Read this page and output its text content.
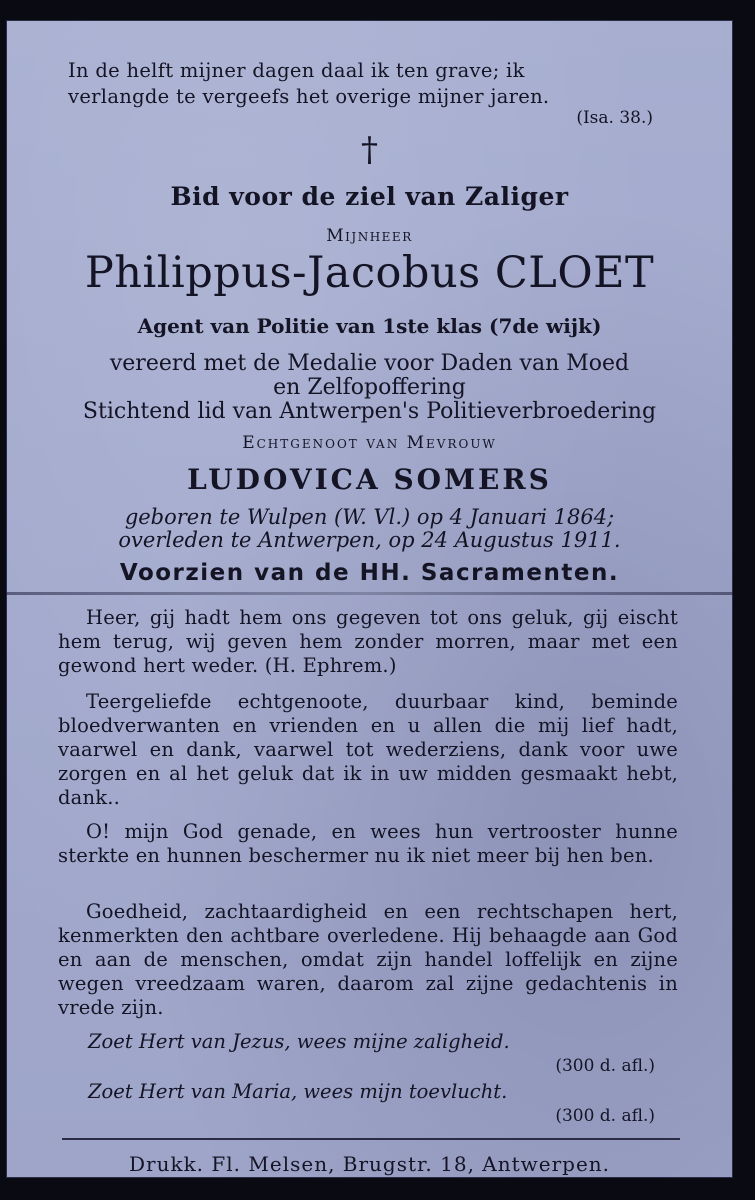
In de helft mijner dagen daal ik ten grave; ik
verlangde te vergeefs het overige mijner jaren.
(Isa. 38.)
†
Bid voor de ziel van Zaliger
Mijnheer
Philippus-Jacobus CLOET
Agent van Politie van 1ste klas (7de wijk)
vereerd met de Medalie voor Daden van Moed
en Zelfopoffering
Stichtend lid van Antwerpen's Politieverbroedering
Echtgenoot van Mevrouw
LUDOVICA SOMERS
geboren te Wulpen (W. Vl.) op 4 Januari 1864;
overleden te Antwerpen, op 24 Augustus 1911.
Voorzien van de HH. Sacramenten.
Heer, gij hadt hem ons gegeven tot ons geluk, gij eischt hem terug, wij geven hem zonder morren, maar met een gewond hert weder. (H. Ephrem.)
Teergeliefde echtgenoote, duurbaar kind, beminde bloedverwanten en vrienden en u allen die mij lief hadt, vaarwel en dank, vaarwel tot wederziens, dank voor uwe zorgen en al het geluk dat ik in uw midden gesmaakt hebt, dank..
O! mijn God genade, en wees hun vertrooster hunne sterkte en hunnen beschermer nu ik niet meer bij hen ben.
Goedheid, zachtaardigheid en een rechtschapen hert, kenmerkten den achtbare overledene. Hij behaagde aan God en aan de menschen, omdat zijn handel loffelijk en zijne wegen vreedzaam waren, daarom zal zijne gedachtenis in vrede zijn.
Zoet Hert van Jezus, wees mijne zaligheid.
(300 d. afl.)
Zoet Hert van Maria, wees mijn toevlucht.
(300 d. afl.)
Drukk. Fl. Melsen, Brugstr. 18, Antwerpen.
